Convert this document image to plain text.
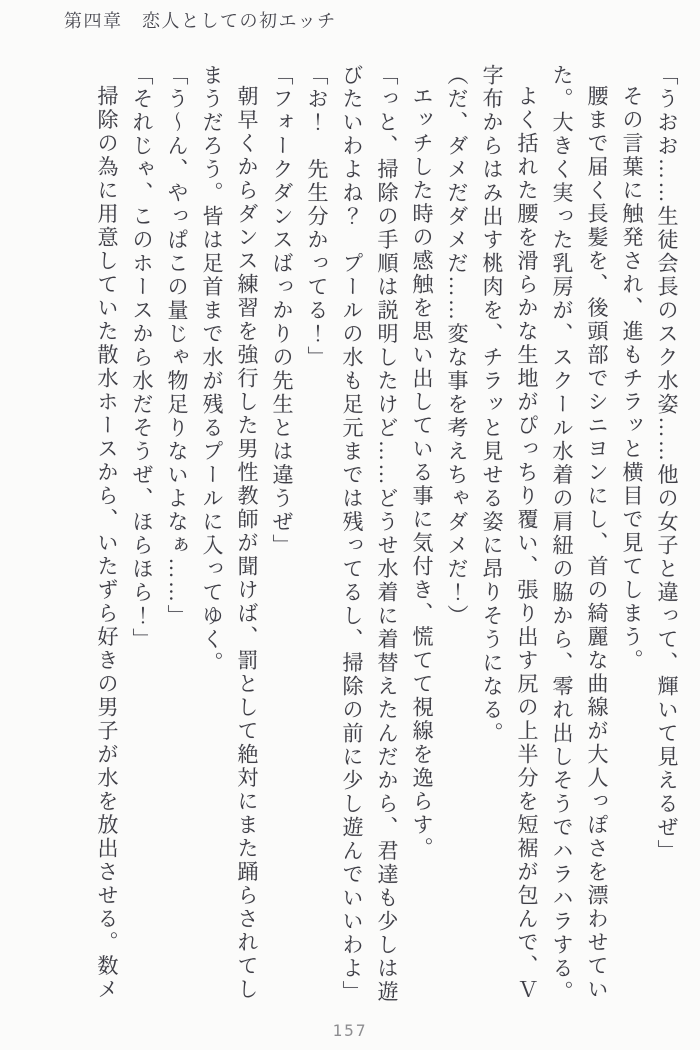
第四章　恋人としての初エッチ

「うおお……生徒会長のスク水姿……他の女子と違って、輝いて見えるぜ」

その言葉に触発され、進もチラッと横目で見てしまう。

腰まで届く長髪を、後頭部でシニヨンにし、首の綺麗な曲線が大人っぽさを漂わせていた。大きく実った乳房が、スクール水着の肩紐の脇から、零れ出しそうでハラハラする。

よく括れた腰を滑らかな生地がぴっちり覆い、張り出す尻の上半分を短裾が包んで、Ｖ字布からはみ出す桃肉を、チラッと見せる姿に昂りそうになる。

（だ、ダメだダメだ……変な事を考えちゃダメだ！）

エッチした時の感触を思い出している事に気付き、慌てて視線を逸らす。

「っと、掃除の手順は説明したけど……どうせ水着に着替えたんだから、君達も少しは遊びたいわよね？　プールの水も足元までは残ってるし、掃除の前に少し遊んでいいわよ」

「お！　先生分かってる！」

「フォークダンスばっかりの先生とは違うぜ」

朝早くからダンス練習を強行した男性教師が聞けば、罰として絶対にまた踊らされてしまうだろう。皆は足首まで水が残るプールに入ってゆく。

「う～ん、やっぱこの量じゃ物足りないよなぁ……」

「それじゃ、このホースから水だそうぜ、ほらほら！」

掃除の為に用意していた散水ホースから、いたずら好きの男子が水を放出させる。数メ

157
